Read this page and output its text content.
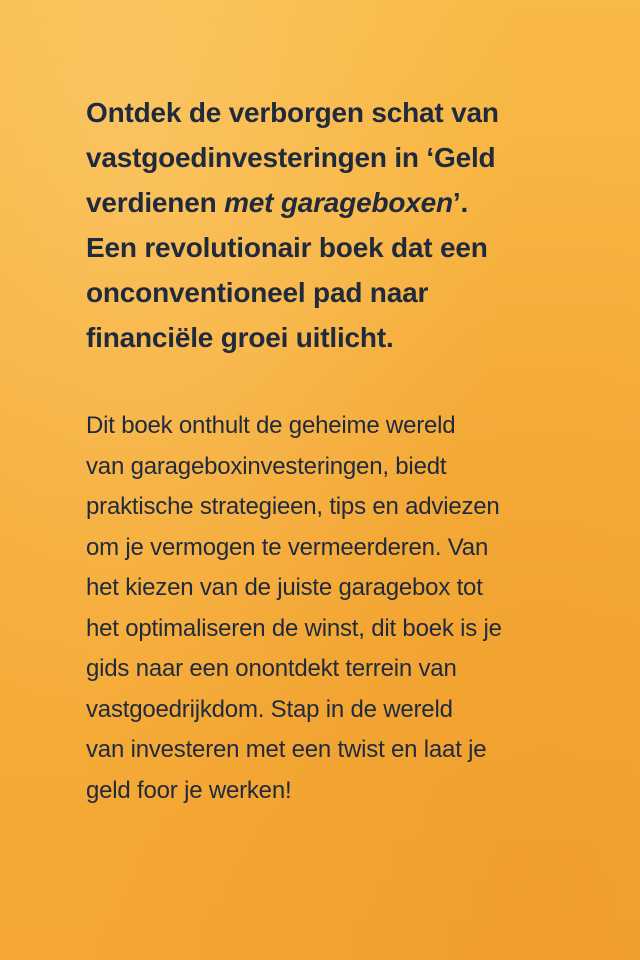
Ontdek de verborgen schat van
vastgoedinvesteringen in ‘Geld
verdienen met garageboxen’.
Een revolutionair boek dat een
onconventioneel pad naar
financiële groei uitlicht.

Dit boek onthult de geheime wereld
van garageboxinvesteringen, biedt
praktische strategieen, tips en adviezen
om je vermogen te vermeerderen. Van
het kiezen van de juiste garagebox tot
het optimaliseren de winst, dit boek is je
gids naar een onontdekt terrein van
vastgoedrijkdom. Stap in de wereld
van investeren met een twist en laat je
geld foor je werken!
